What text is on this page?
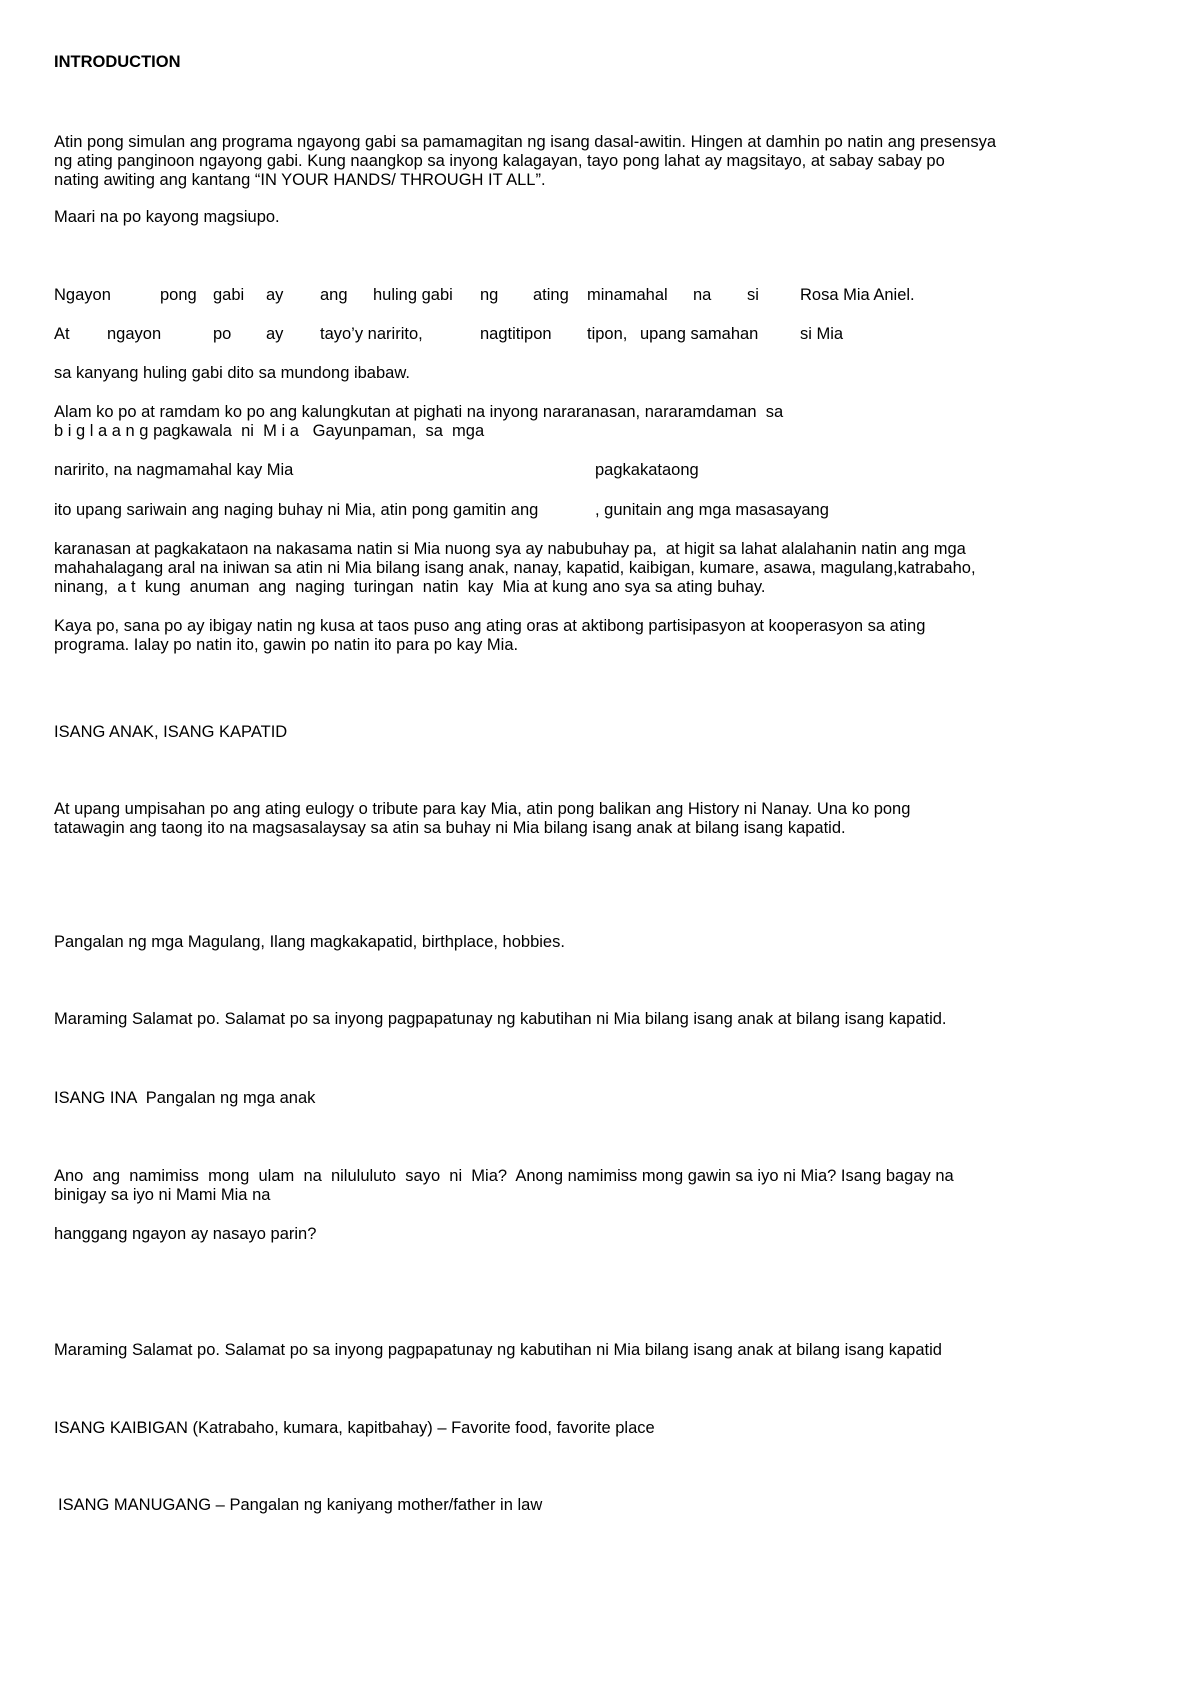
INTRODUCTION
Atin pong simulan ang programa ngayong gabi sa pamamagitan ng isang dasal-awitin. Hingen at damhin po natin ang presensya
ng ating panginoon ngayong gabi. Kung naangkop sa inyong kalagayan, tayo pong lahat ay magsitayo, at sabay sabay po
nating awiting ang kantang “IN YOUR HANDS/ THROUGH IT ALL”.
Maari na po kayong magsiupo.
Ngayon	pong gabi	ay	ang	huling gabi	ng	ating	minamahal	na	si	Rosa Mia Aniel.
At	ngayon	po	ay	tayo’y naririto,	nagtitipon	tipon, upang samahan	si Mia
sa kanyang huling gabi dito sa mundong ibabaw.
Alam ko po at ramdam ko po ang kalungkutan at pighati na inyong nararanasan, nararamdaman  sa
b i g l a a n g pagkawala  ni  M i a   Gayunpaman,  sa  mga
naririto, na nagmamahal kay Mia	pagkakataong
ito upang sariwain ang naging buhay ni Mia, atin pong gamitin ang	, gunitain ang mga masasayang
karanasan at pagkakataon na nakasama natin si Mia nuong sya ay nabubuhay pa,  at higit sa lahat alalahanin natin ang mga
mahahalagang aral na iniwan sa atin ni Mia bilang isang anak, nanay, kapatid, kaibigan, kumare, asawa, magulang,katrabaho,
ninang,  a t  kung  anuman  ang  naging  turingan  natin  kay  Mia at kung ano sya sa ating buhay.
Kaya po, sana po ay ibigay natin ng kusa at taos puso ang ating oras at aktibong partisipasyon at kooperasyon sa ating
programa. Ialay po natin ito, gawin po natin ito para po kay Mia.
ISANG ANAK, ISANG KAPATID
At upang umpisahan po ang ating eulogy o tribute para kay Mia, atin pong balikan ang History ni Nanay. Una ko pong
tatawagin ang taong ito na magsasalaysay sa atin sa buhay ni Mia bilang isang anak at bilang isang kapatid.
Pangalan ng mga Magulang, Ilang magkakapatid, birthplace, hobbies.
Maraming Salamat po. Salamat po sa inyong pagpapatunay ng kabutihan ni Mia bilang isang anak at bilang isang kapatid.
ISANG INA  Pangalan ng mga anak
Ano  ang  namimiss  mong  ulam  na  nilululuto  sayo  ni  Mia?  Anong namimiss mong gawin sa iyo ni Mia? Isang bagay na
binigay sa iyo ni Mami Mia na
hanggang ngayon ay nasayo parin?
Maraming Salamat po. Salamat po sa inyong pagpapatunay ng kabutihan ni Mia bilang isang anak at bilang isang kapatid
ISANG KAIBIGAN (Katrabaho, kumara, kapitbahay) – Favorite food, favorite place
ISANG MANUGANG – Pangalan ng kaniyang mother/father in law
